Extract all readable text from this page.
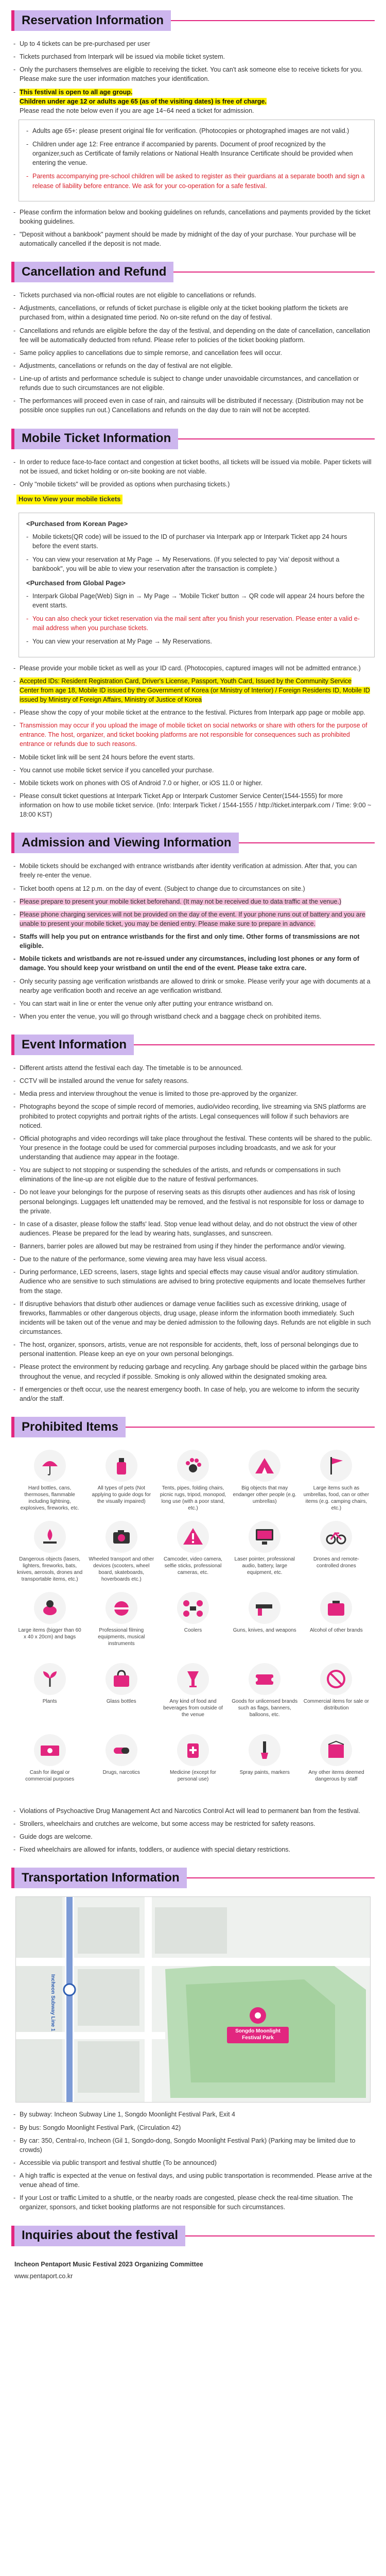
Reservation Information
- Up to 4 tickets can be pre-purchased per user
- Tickets purchased from Interpark will be issued via mobile ticket system.
- Only the purchasers themselves are eligible to receiving the ticket. You can't ask someone else to receive tickets for you. Please make sure the user information matches your identification.
- This festival is open to all age group.
Children under age 12 or adults age 65 (as of the visiting dates) is free of charge.
Please read the note below even if you are age 14~64 need a ticket for admission.
- Adults age 65+: please present original file for verification. (Photocopies or photographed images are not valid.)
- Children under age 12: Free entrance if accompanied by parents. Document of proof recognized by the organizer,such as Certificate of family relations or National Health Insurance Certificate should be provided when entering the venue.
- Parents accompanying pre-school children will be asked to register as their guardians at a separate booth and sign a release of liability before entrance. We ask for your co-operation for a safe festival.
- Please confirm the information below and booking guidelines on refunds, cancellations and payments provided by the ticket booking guidelines.
- "Deposit without a bankbook" payment should be made by midnight of the day of your purchase. Your purchase will be automatically cancelled if the deposit is not made.
Cancellation and Refund
- Tickets purchased via non-official routes are not eligible to cancellations or refunds.
- Adjustments, cancellations, or refunds of ticket purchase is eligible only at the ticket booking platform the tickets are purchased from, within a designated time period. No on-site refund on the day of festival.
- Cancellations and refunds are eligible before the day of the festival, and depending on the date of cancellation, cancellation fee will be automatically deducted from refund. Please refer to policies of the ticket booking platform.
- Same policy applies to cancellations due to simple remorse, and cancellation fees will occur.
- Adjustments, cancellations or refunds on the day of festival are not eligible.
- Line-up of artists and performance schedule is subject to change under unavoidable circumstances, and cancellation or refunds due to such circumstances are not eligible.
- The performances will proceed even in case of rain, and rainsuits will be distributed if necessary. (Distribution may not be possible once supplies run out.) Cancellations and refunds on the day due to rain will not be accepted.
Mobile Ticket Information
- In order to reduce face-to-face contact and congestion at ticket booths, all tickets will be issued via mobile. Paper tickets will not be issued, and ticket holding or on-site booking are not viable.
- Only "mobile tickets" will be provided as options when purchasing tickets.)
How to View your mobile tickets
<Purchased from Korean Page>
- Mobile tickets(QR code) will be issued to the ID of purchaser via Interpark app or Interpark Ticket app 24 hours before the event starts.
- You can view your reservation at My Page → My Reservations. (If you selected to pay 'via' deposit without a bankbook", you will be able to view your reservation after the transaction is complete.)
<Purchased from Global Page>
- Interpark Global Page(Web) Sign in → My Page → 'Mobile Ticket' button → QR code will appear 24 hours before the event starts.
- You can also check your ticket reservation via the mail sent after you finish your reservation. Please enter a valid e-mail address when you purchase tickets.
- You can view your reservation at My Page → My Reservations.
- Please provide your mobile ticket as well as your ID card. (Photocopies, captured images will not be admitted entrance.)
- Accepted IDs: Resident Registration Card, Driver's License, Passport, Youth Card, Issued by the Community Service Center from age 18, Mobile ID issued by the Government of Korea (or Ministry of Interior) / Foreign Residents ID, Mobile ID issued by Ministry of Foreign Affairs, Ministry of Justice of Korea
- Please show the copy of your mobile ticket at the entrance to the festival. Pictures from Interpark app page or mobile app.
- Transmission may occur if you upload the image of mobile ticket on social networks or share with others for the purpose of entrance. The host, organizer, and ticket booking platforms are not responsible for consequences such as prohibited entrance or refunds due to such reasons.
- Mobile ticket link will be sent 24 hours before the event starts.
- You cannot use mobile ticket service if you cancelled your purchase.
- Mobile tickets work on phones with OS of Android 7.0 or higher, or iOS 11.0 or higher.
- Please consult ticket questions at Interpark Ticket App or Interpark Customer Service Center(1544-1555) for more information on how to use mobile ticket service. (Info: Interpark Ticket / 1544-1555 / http://ticket.interpark.com / Time: 9:00 ~ 18:00 KST)
Admission and Viewing Information
- Mobile tickets should be exchanged with entrance wristbands after identity verification at admission. After that, you can freely re-enter the venue.
- Ticket booth opens at 12 p.m. on the day of event. (Subject to change due to circumstances on site.)
- Please prepare to present your mobile ticket beforehand. (It may not be received due to data traffic at the venue.)
- Please phone charging services will not be provided on the day of the event. If your phone runs out of battery and you are unable to present your mobile ticket, you may be denied entry. Please make sure to prepare in advance.
- Staffs will help you put on entrance wristbands for the first and only time. Other forms of transmissions are not eligible.
- Mobile tickets and wristbands are not re-issued under any circumstances, including lost phones or any form of damage. You should keep your wristband on until the end of the event. Please take extra care.
- Only security passing age verification wristbands are allowed to drink or smoke. Please verify your age with documents at a nearby age verification booth and receive an age verification wristband.
- You can start wait in line or enter the venue only after putting your entrance wristband on.
- When you enter the venue, you will go through wristband check and a baggage check on prohibited items.
Event Information
- Different artists attend the festival each day. The timetable is to be announced.
- CCTV will be installed around the venue for safety reasons.
- Media press and interview throughout the venue is limited to those pre-approved by the organizer.
- Photographs beyond the scope of simple record of memories, audio/video recording, live streaming via SNS platforms are prohibited to protect copyrights and portrait rights of the artists. Legal consequences will follow if such behaviors are noticed.
- Official photographs and video recordings will take place throughout the festival. These contents will be shared to the public. Your presence in the footage could be used for commercial purposes including broadcasts, and we ask for your understanding that audience may appear in the footage.
- You are subject to not stopping or suspending the schedules of the artists, and refunds or compensations in such eliminations of the line-up are not eligible due to the nature of festival performances.
- Do not leave your belongings for the purpose of reserving seats as this disrupts other audiences and has risk of losing personal belongings. Luggages left unattended may be removed, and the festival is not responsible for loss or damage to the private.
- In case of a disaster, please follow the staffs' lead. Stop venue lead without delay, and do not obstruct the view of other audiences. Please be prepared for the lead by wearing hats, sunglasses, and sunscreen.
- Banners, barrier poles are allowed but may be restrained from using if they hinder the performance and/or viewing.
- Due to the nature of the performance, some viewing area may have less visual access.
- During performance, LED screens, lasers, stage lights and special effects may cause visual and/or auditory stimulation. Audience who are sensitive to such stimulations are advised to bring protective equipments and locate themselves further from the stage.
- If disruptive behaviors that disturb other audiences or damage venue facilities such as excessive drinking, usage of fireworks, flammables or other dangerous objects, drug usage, please inform the information booth immediately. Such incidents will be taken out of the venue and may be denied admission to the following days. Refunds are not eligible in such circumstances.
- The host, organizer, sponsors, artists, venue are not responsible for accidents, theft, loss of personal belongings due to personal inattention. Please keep an eye on your own personal belongings.
- Please protect the environment by reducing garbage and recycling. Any garbage should be placed within the garbage bins throughout the venue, and recycled if possible. Smoking is only allowed within the designated smoking area.
- If emergencies or theft occur, use the nearest emergency booth. In case of help, you are welcome to inform the security and/or the staff.
Prohibited Items
Hard bottles, cans, thermoses, flammable including lightning, explosives, fireworks, etc.
All types of pets (Not applying to guide dogs for the visually impaired)
Tents, pipes, folding chairs, picnic rugs, tripod, monopod, long use (with a poor stand, etc.)
Big objects that may endanger other people (e.g. umbrellas)
Large items such as umbrellas, food, can or other items (e.g. camping chairs, etc.)
Dangerous objects (lasers, lighters, fireworks, bats, knives, aerosols, drones and transportable items, etc.)
Wheeled transport and other devices (scooters, wheel board, skateboards, hoverboards etc.)
Camcoder, video camera, selfie sticks, professional cameras, etc.
Laser pointer, professional audio, battery, large equipment, etc.
Drones and remote-controlled drones
Large items (bigger than 60 x 40 x 20cm) and bags
Professional filming equipments, musical instruments
Coolers	Guns, knives, and weapons	Alcohol of other brands
Plants	Glass bottles	Any kind of food and beverages from outside of the venue
Goods for unlicensed brands such as flags, banners, balloons, etc.
Commercial items for sale or distribution
Cash for illegal or commercial purposes
Drugs, narcotics	Medicine (except for personal use)
Spray paints, markers	Any other items deemed dangerous by staff
- Violations of Psychoactive Drug Management Act and Narcotics Control Act will lead to permanent ban from the festival.
- Strollers, wheelchairs and crutches are welcome, but some access may be restricted for safety reasons.
- Guide dogs are welcome.
- Fixed wheelchairs are allowed for infants, toddlers, or audience with special dietary restrictions.
Transportation Information
Incheon Subway Line 1	Songdo Moonlight Festival Park
- By subway: Incheon Subway Line 1, Songdo Moonlight Festival Park, Exit 4
- By bus: Songdo Moonlight Festival Park, (Circulation 42)
- By car: 350, Central-ro, Incheon (Gil 1, Songdo-dong, Songdo Moonlight Festival Park) (Parking may be limited due to crowds)
- Accessible via public transport and festival shuttle (To be announced)
- A high traffic is expected at the venue on festival days, and using public transportation is recommended. Please arrive at the venue ahead of time.
- If your Lost or traffic Limited to a shuttle, or the nearby roads are congested, please check the real-time situation. The organizer, sponsors, and ticket booking platforms are not responsible for such circumstances.
Inquiries about the festival

Incheon Pentaport Music Festival 2023 Organizing Committee

www.pentaport.co.kr
